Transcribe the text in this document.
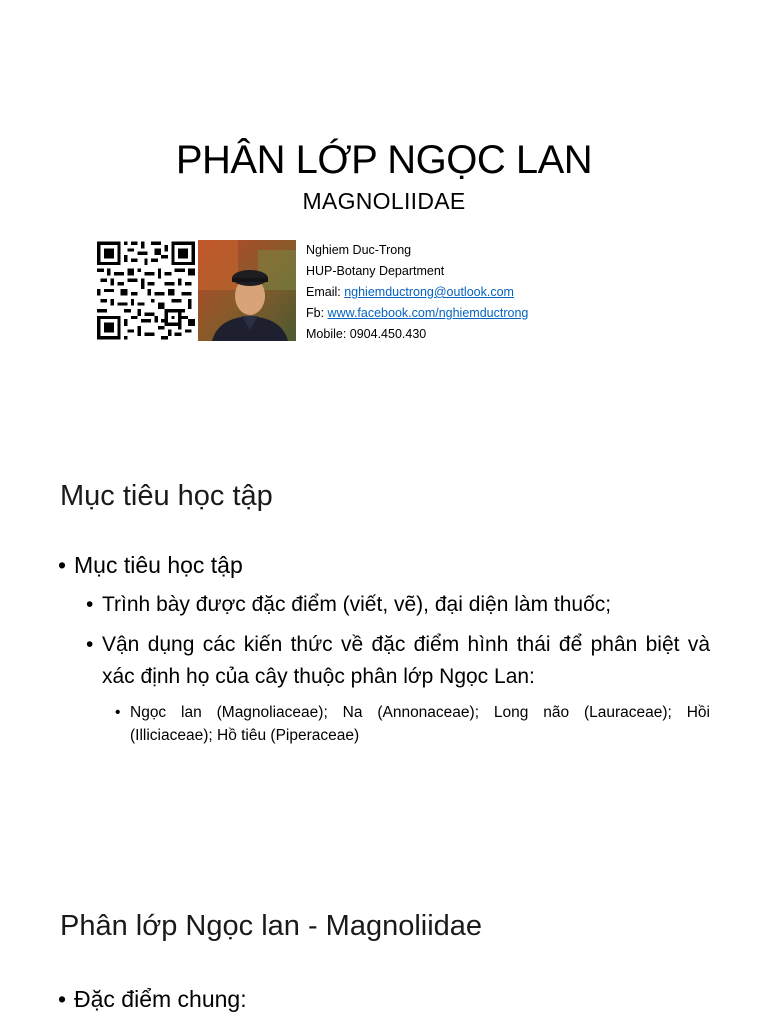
PHÂN LỚP NGỌC LAN
MAGNOLIIDAE
Nghiem Duc-Trong
HUP-Botany Department
Email: nghiemductrong@outlook.com
Fb: www.facebook.com/nghiemductrong
Mobile: 0904.450.430
Mục tiêu học tập
• Mục tiêu học tập
• Trình bày được đặc điểm (viết, vẽ), đại diện làm thuốc;
• Vận dụng các kiến thức về đặc điểm hình thái để phân biệt và xác định họ của cây thuộc phân lớp Ngọc Lan:
• Ngọc lan (Magnoliaceae); Na (Annonaceae); Long não (Lauraceae); Hồi (Illiciaceae); Hồ tiêu (Piperaceae)
Phân lớp Ngọc lan - Magnoliidae
• Đặc điểm chung:
